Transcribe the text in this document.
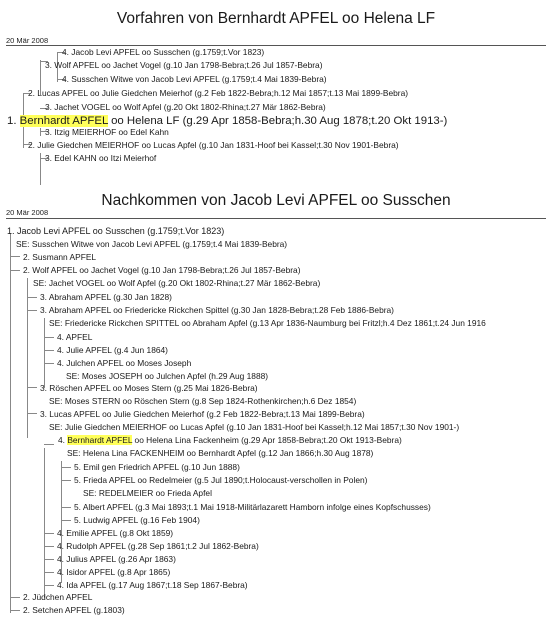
Vorfahren von Bernhardt APFEL oo Helena LF
20 Mär 2008
4. Jacob Levi APFEL oo Susschen (g.1759;t.Vor 1823)
3. Wolf APFEL oo Jachet Vogel (g.10 Jan 1798-Bebra;t.26 Jul 1857-Bebra)
4. Susschen Witwe von Jacob Levi APFEL (g.1759;t.4 Mai 1839-Bebra)
2. Lucas APFEL oo Julie Giedchen Meierhof (g.2 Feb 1822-Bebra;h.12 Mai 1857;t.13 Mai 1899-Bebra)
3. Jachet VOGEL oo Wolf Apfel (g.20 Okt 1802-Rhina;t.27 Mär 1862-Bebra)
1. Bernhardt APFEL oo Helena LF (g.29 Apr 1858-Bebra;h.30 Aug 1878;t.20 Okt 1913-)
3. Itzig MEIERHOF oo Edel Kahn
2. Julie Giedchen MEIERHOF oo Lucas Apfel (g.10 Jan 1831-Hoof bei Kassel;t.30 Nov 1901-Bebra)
3. Edel KAHN oo Itzi Meierhof
Nachkommen von Jacob Levi APFEL oo Susschen
20 Mär 2008
1. Jacob Levi APFEL oo Susschen (g.1759;t.Vor 1823)
SE: Susschen Witwe von Jacob Levi APFEL (g.1759;t.4 Mai 1839-Bebra)
2. Susmann APFEL
2. Wolf APFEL oo Jachet Vogel (g.10 Jan 1798-Bebra;t.26 Jul 1857-Bebra)
SE: Jachet VOGEL oo Wolf Apfel (g.20 Okt 1802-Rhina;t.27 Mär 1862-Bebra)
3. Abraham APFEL (g.30 Jan 1828)
3. Abraham APFEL oo Friedericke Rickchen Spittel (g.30 Jan 1828-Bebra;t.28 Feb 1886-Bebra)
SE: Friedericke Rickchen SPITTEL oo Abraham Apfel (g.13 Apr 1836-Naumburg bei Fritzl;h.4 Dez 1861;t.24 Jun 1916
4. APFEL
4. Julie APFEL (g.4 Jun 1864)
4. Julchen APFEL oo Moses Joseph
SE: Moses JOSEPH oo Julchen Apfel (h.29 Aug 1888)
3. Röschen APFEL oo Moses Stern (g.25 Mai 1826-Bebra)
SE: Moses STERN oo Röschen Stern (g.8 Sep 1824-Rothenkirchen;h.6 Dez 1854)
3. Lucas APFEL oo Julie Giedchen Meierhof (g.2 Feb 1822-Bebra;t.13 Mai 1899-Bebra)
SE: Julie Giedchen MEIERHOF oo Lucas Apfel (g.10 Jan 1831-Hoof bei Kassel;h.12 Mai 1857;t.30 Nov 1901-)
4. Bernhardt APFEL oo Helena Lina Fackenheim (g.29 Apr 1858-Bebra;t.20 Okt 1913-Bebra)
SE: Helena Lina FACKENHEIM oo Bernhardt Apfel (g.12 Jan 1866;h.30 Aug 1878)
5. Emil gen Friedrich APFEL (g.10 Jun 1888)
5. Frieda APFEL oo Redelmeier (g.5 Jul 1890;t.Holocaust-verschollen in Polen)
SE: REDELMEIER oo Frieda Apfel
5. Albert APFEL (g.3 Mai 1893;t.1 Mai 1918-Militärlazarett Hamborn infolge eines Kopfschusses)
5. Ludwig APFEL (g.16 Feb 1904)
4. Emilie APFEL (g.8 Okt 1859)
4. Rudolph APFEL (g.28 Sep 1861;t.2 Jul 1862-Bebra)
4. Julius APFEL (g.26 Apr 1863)
4. Isidor APFEL (g.8 Apr 1865)
4. Ida APFEL (g.17 Aug 1867;t.18 Sep 1867-Bebra)
2. Jüdchen APFEL
2. Setchen APFEL (g.1803)
